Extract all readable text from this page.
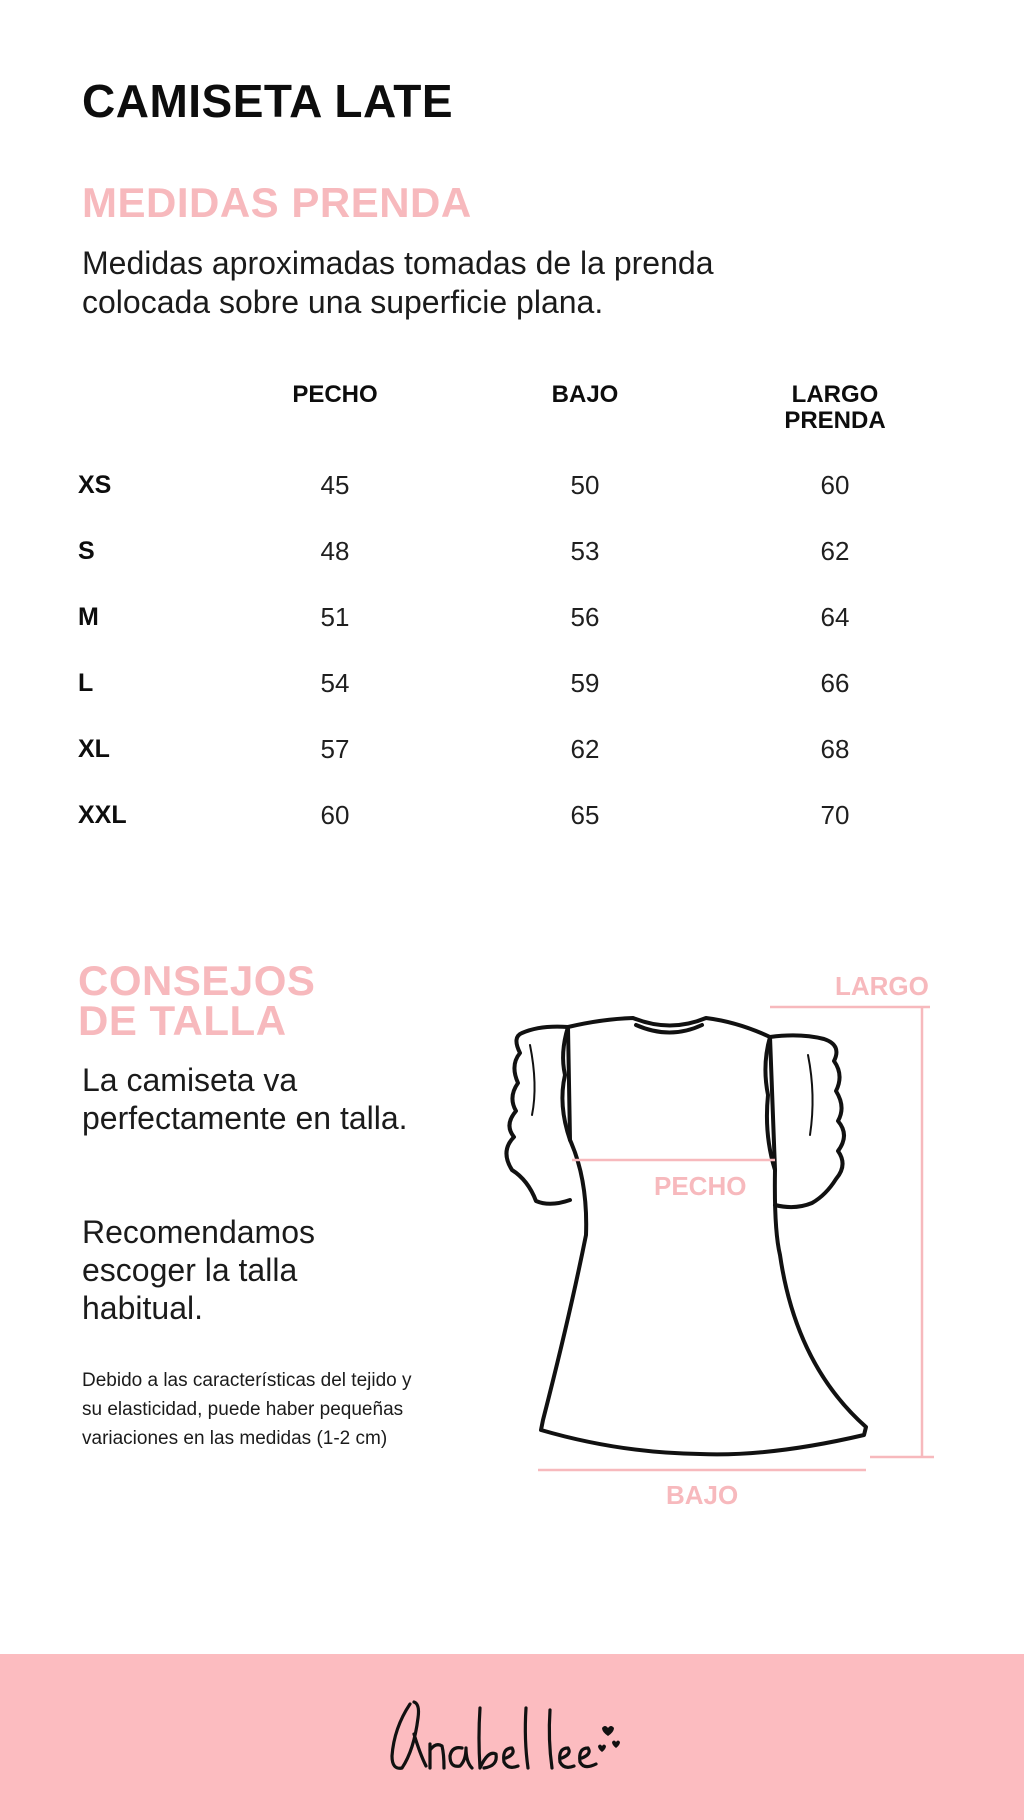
CAMISETA LATE
MEDIDAS PRENDA

Medidas aproximadas tomadas de la prenda colocada sobre una superficie plana.

	PECHO	BAJO	LARGO PRENDA
XS	45	50	60
S	48	53	62
M	51	56	64
L	54	59	66
XL	57	62	68
XXL	60	65	70
CONSEJOS
DE TALLA

La camiseta va perfectamente en talla.

Recomendamos escoger la talla habitual.

Debido a las características del tejido y su elasticidad, puede haber pequeñas variaciones en las medidas (1-2 cm)

LARGO
PECHO
BAJO
